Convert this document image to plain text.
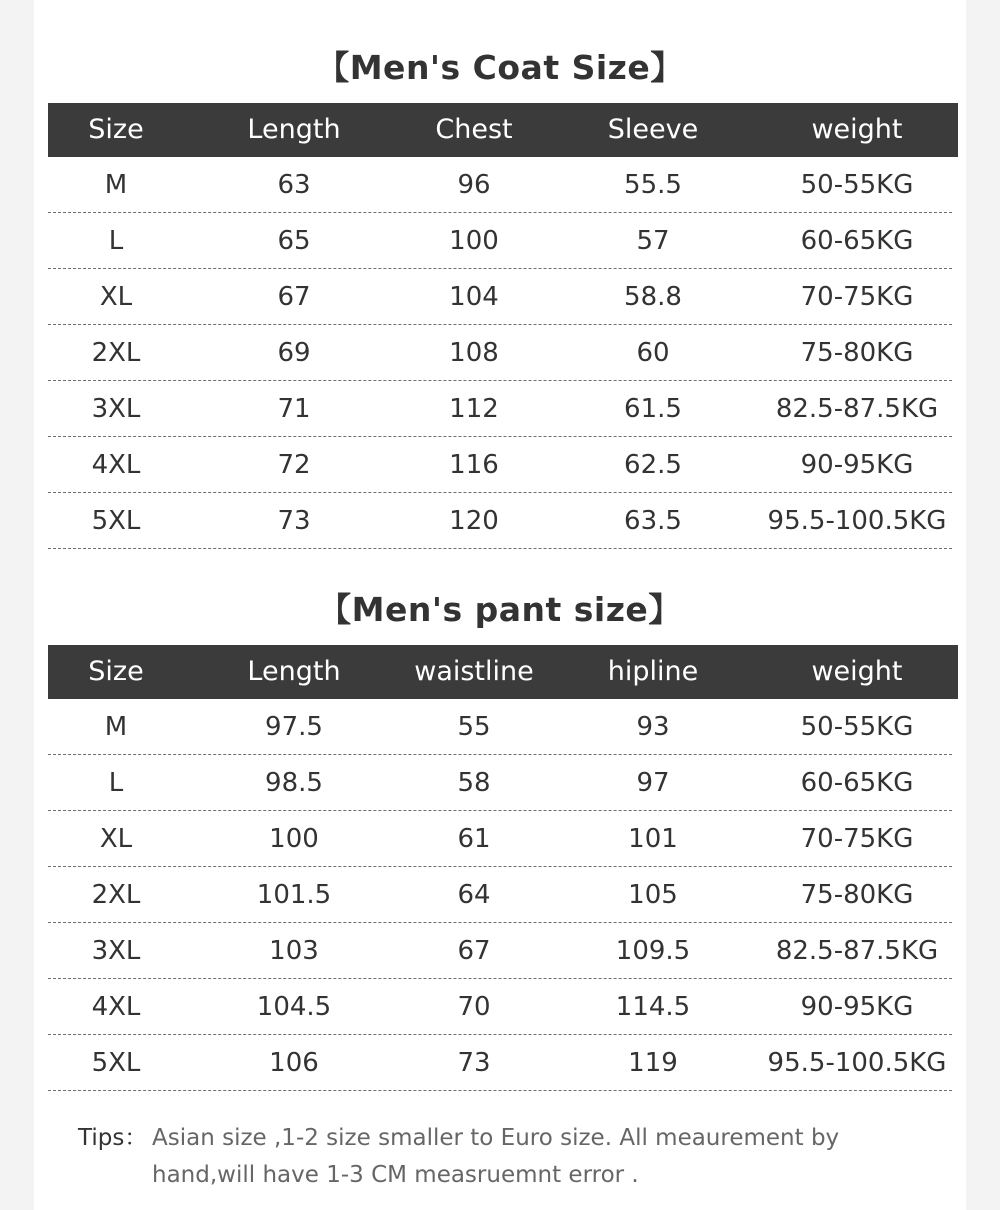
【Men's Coat Size】
Size	Length	Chest	Sleeve	weight
M	63	96	55.5	50-55KG
L	65	100	57	60-65KG
XL	67	104	58.8	70-75KG
2XL	69	108	60	75-80KG
3XL	71	112	61.5	82.5-87.5KG
4XL	72	116	62.5	90-95KG
5XL	73	120	63.5	95.5-100.5KG
【Men's pant size】
Size	Length	waistline	hipline	weight
M	97.5	55	93	50-55KG
L	98.5	58	97	60-65KG
XL	100	61	101	70-75KG
2XL	101.5	64	105	75-80KG
3XL	103	67	109.5	82.5-87.5KG
4XL	104.5	70	114.5	90-95KG
5XL	106	73	119	95.5-100.5KG
Tips： Asian size ,1-2 size smaller to Euro size. All meaurement by hand,will have 1-3 CM measruemnt error .
